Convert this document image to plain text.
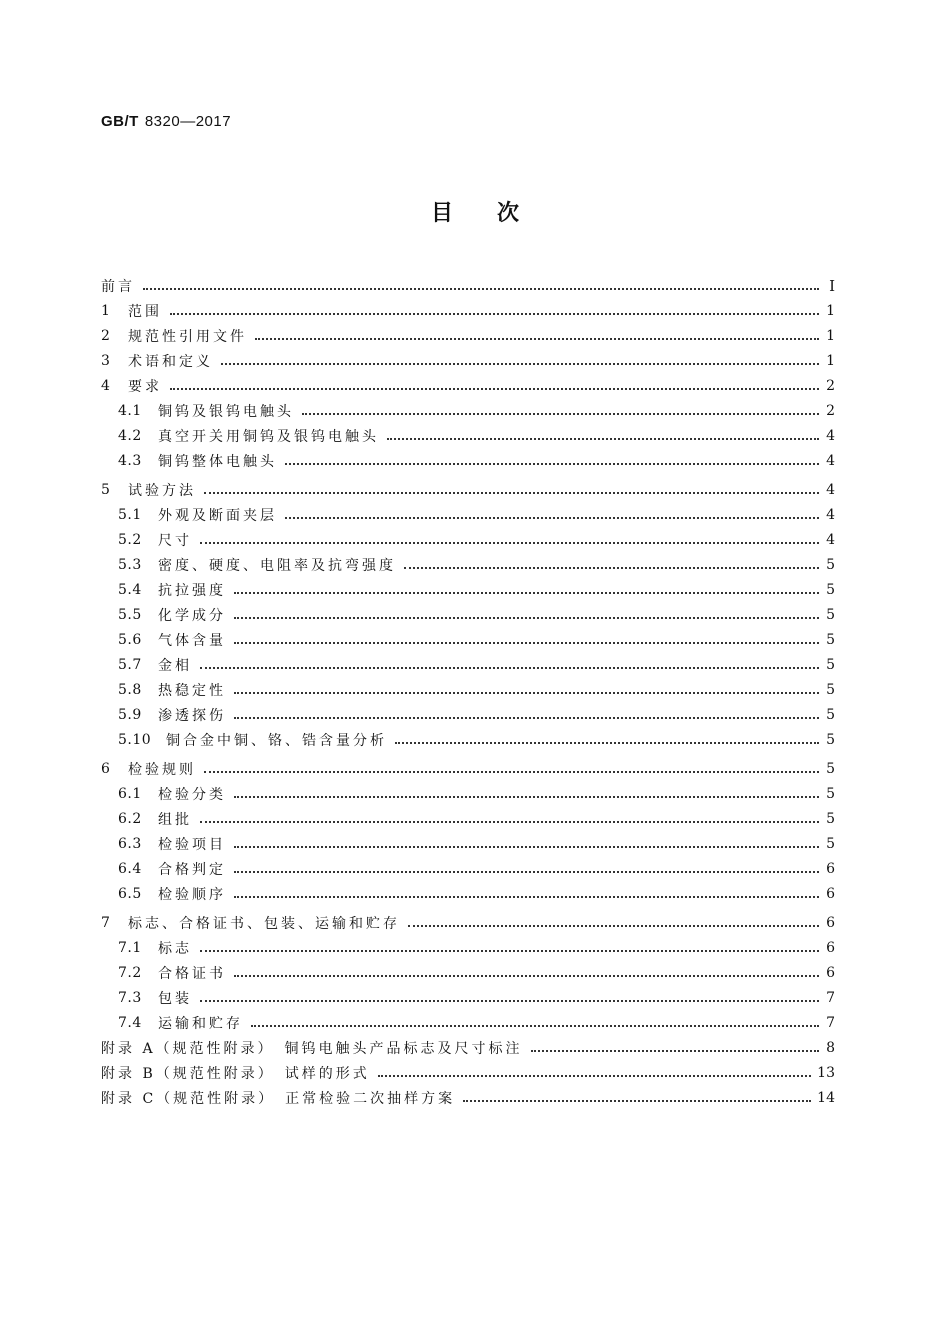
GB/T 8320—2017
目 次
前言	I
1	范围	1
2	规范性引用文件	1
3	术语和定义	1
4	要求	2
4.1	铜钨及银钨电触头	2
4.2	真空开关用铜钨及银钨电触头	4
4.3	铜钨整体电触头	4
5	试验方法	4
5.1	外观及断面夹层	4
5.2	尺寸	4
5.3	密度、硬度、电阻率及抗弯强度	5
5.4	抗拉强度	5
5.5	化学成分	5
5.6	气体含量	5
5.7	金相	5
5.8	热稳定性	5
5.9	渗透探伤	5
5.10	铜合金中铜、铬、锆含量分析	5
6	检验规则	5
6.1	检验分类	5
6.2	组批	5
6.3	检验项目	5
6.4	合格判定	6
6.5	检验顺序	6
7	标志、合格证书、包装、运输和贮存	6
7.1	标志	6
7.2	合格证书	6
7.3	包装	7
7.4	运输和贮存	7
附录 A（规范性附录）　铜钨电触头产品标志及尺寸标注	8
附录 B（规范性附录）　试样的形式	13
附录 C（规范性附录）　正常检验二次抽样方案	14
